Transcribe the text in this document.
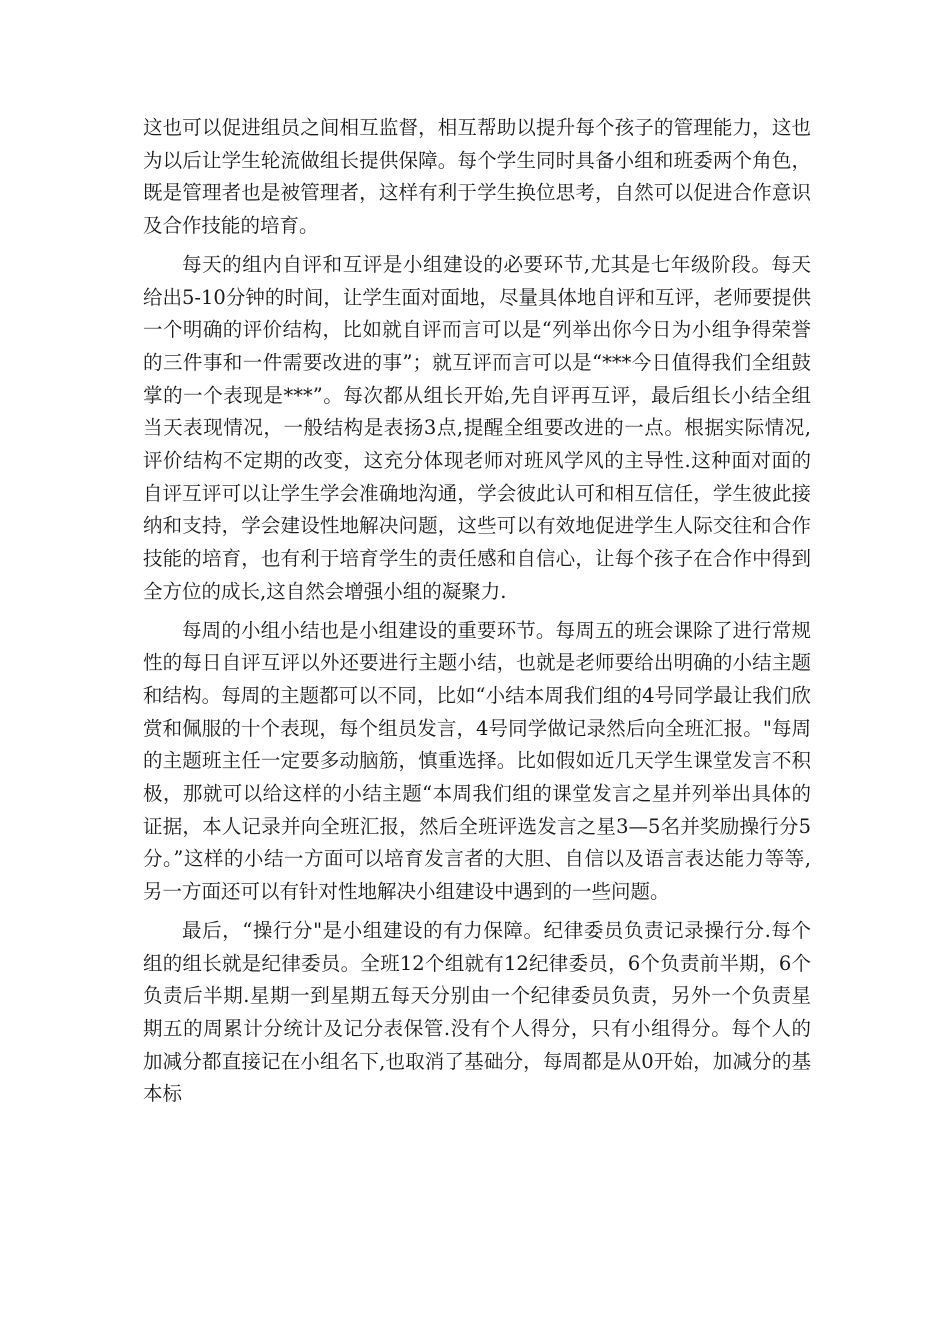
这也可以促进组员之间相互监督，相互帮助以提升每个孩子的管理能力，这也为以后让学生轮流做组长提供保障。每个学生同时具备小组和班委两个角色，既是管理者也是被管理者，这样有利于学生换位思考，自然可以促进合作意识及合作技能的培育。

每天的组内自评和互评是小组建设的必要环节,尤其是七年级阶段。每天给出5-10分钟的时间，让学生面对面地，尽量具体地自评和互评，老师要提供一个明确的评价结构，比如就自评而言可以是“列举出你今日为小组争得荣誉的三件事和一件需要改进的事”；就互评而言可以是“***今日值得我们全组鼓掌的一个表现是***”。每次都从组长开始,先自评再互评，最后组长小结全组当天表现情况，一般结构是表扬3点,提醒全组要改进的一点。根据实际情况,评价结构不定期的改变，这充分体现老师对班风学风的主导性.这种面对面的自评互评可以让学生学会准确地沟通，学会彼此认可和相互信任，学生彼此接纳和支持，学会建设性地解决问题，这些可以有效地促进学生人际交往和合作技能的培育，也有利于培育学生的责任感和自信心，让每个孩子在合作中得到全方位的成长,这自然会增强小组的凝聚力.

每周的小组小结也是小组建设的重要环节。每周五的班会课除了进行常规性的每日自评互评以外还要进行主题小结，也就是老师要给出明确的小结主题和结构。每周的主题都可以不同，比如“小结本周我们组的4号同学最让我们欣赏和佩服的十个表现，每个组员发言，4号同学做记录然后向全班汇报。"每周的主题班主任一定要多动脑筋，慎重选择。比如假如近几天学生课堂发言不积极，那就可以给这样的小结主题“本周我们组的课堂发言之星并列举出具体的证据，本人记录并向全班汇报，然后全班评选发言之星3—5名并奖励操行分5分。”这样的小结一方面可以培育发言者的大胆、自信以及语言表达能力等等,另一方面还可以有针对性地解决小组建设中遇到的一些问题。

最后，“操行分"是小组建设的有力保障。纪律委员负责记录操行分.每个组的组长就是纪律委员。全班12个组就有12纪律委员，6个负责前半期，6个负责后半期.星期一到星期五每天分别由一个纪律委员负责，另外一个负责星期五的周累计分统计及记分表保管.没有个人得分，只有小组得分。每个人的加减分都直接记在小组名下,也取消了基础分，每周都是从0开始，加减分的基本标
